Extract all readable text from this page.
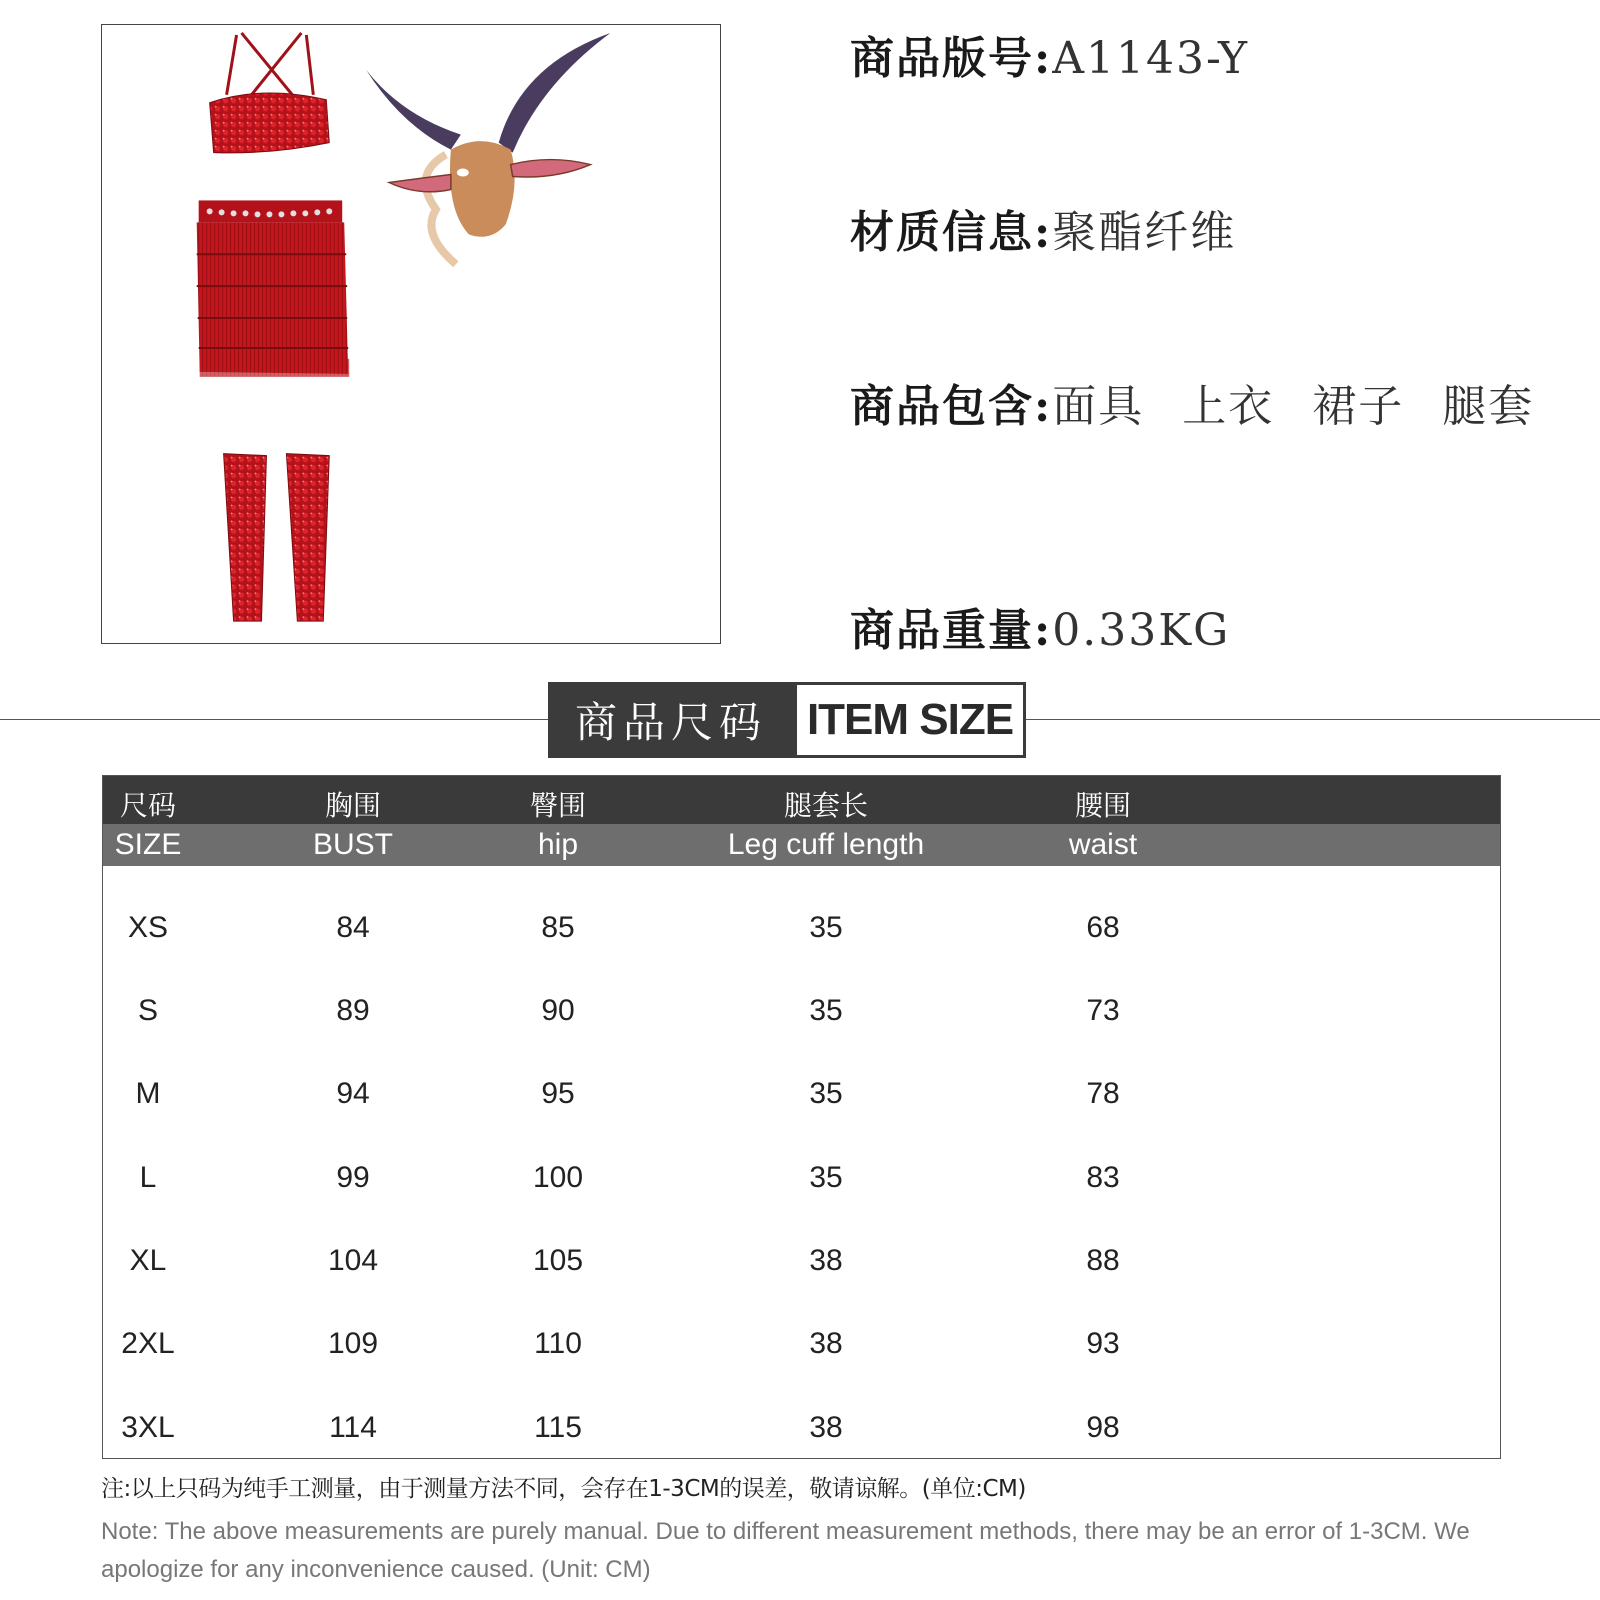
商品版号:A1143-Y
材质信息:聚酯纤维
商品包含:面具 上衣 裙子 腿套
商品重量:0.33KG
商品尺码 ITEM SIZE
尺码	胸围	臀围	腿套长	腰围
SIZE	BUST	hip	Leg cuff length	waist
XS	84	85	35	68
S	89	90	35	73
M	94	95	35	78
L	99	100	35	83
XL	104	105	38	88
2XL	109	110	38	93
3XL	114	115	38	98
注:以上只码为纯手工测量，由于测量方法不同，会存在1-3CM的误差，敬请谅解。(单位:CM)
Note: The above measurements are purely manual. Due to different measurement methods, there may be an error of 1-3CM. We apologize for any inconvenience caused. (Unit: CM)
